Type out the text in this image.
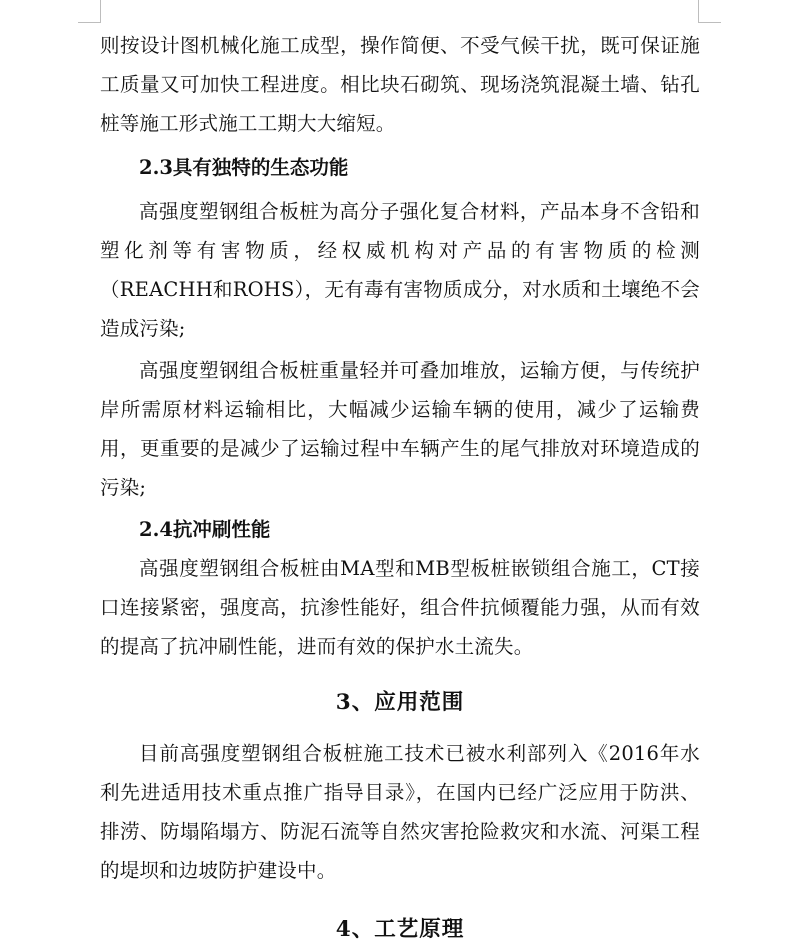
则按设计图机械化施工成型，操作简便、不受气候干扰，既可保证施工质量又可加快工程进度。相比块石砌筑、现场浇筑混凝土墙、钻孔桩等施工形式施工工期大大缩短。

2.3具有独特的生态功能

高强度塑钢组合板桩为高分子强化复合材料，产品本身不含铅和塑化剂等有害物质，经权威机构对产品的有害物质的检测（REACHH和ROHS），无有毒有害物质成分，对水质和土壤绝不会造成污染;

高强度塑钢组合板桩重量轻并可叠加堆放，运输方便，与传统护岸所需原材料运输相比，大幅减少运输车辆的使用，减少了运输费用，更重要的是减少了运输过程中车辆产生的尾气排放对环境造成的污染;

2.4抗冲刷性能

高强度塑钢组合板桩由MA型和MB型板桩嵌锁组合施工，CT接口连接紧密，强度高，抗渗性能好，组合件抗倾覆能力强，从而有效的提高了抗冲刷性能，进而有效的保护水土流失。

3、应用范围

目前高强度塑钢组合板桩施工技术已被水利部列入《2016年水利先进适用技术重点推广指导目录》，在国内已经广泛应用于防洪、排涝、防塌陷塌方、防泥石流等自然灾害抢险救灾和水流、河渠工程的堤坝和边坡防护建设中。

4、工艺原理
